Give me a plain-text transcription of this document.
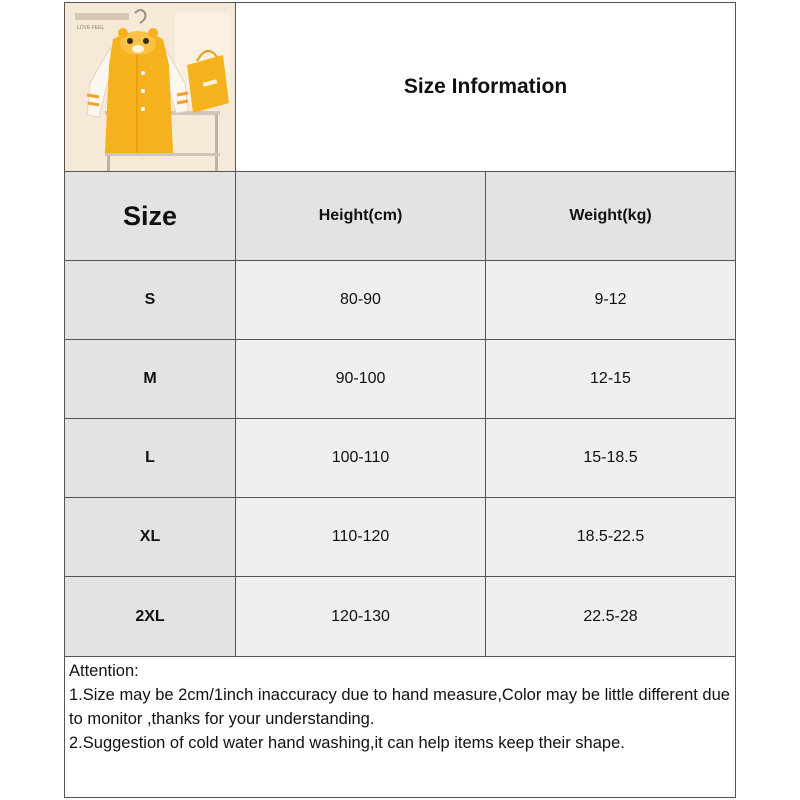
LOVE FEEL
Size Information
Size	Height(cm)	Weight(kg)
S	80-90	9-12
M	90-100	12-15
L	100-110	15-18.5
XL	110-120	18.5-22.5
2XL	120-130	22.5-28
Attention:
1.Size may be 2cm/1inch inaccuracy due to hand measure,Color may be little different due to monitor ,thanks for your understanding.
2.Suggestion of cold water hand washing,it can help items keep their shape.
